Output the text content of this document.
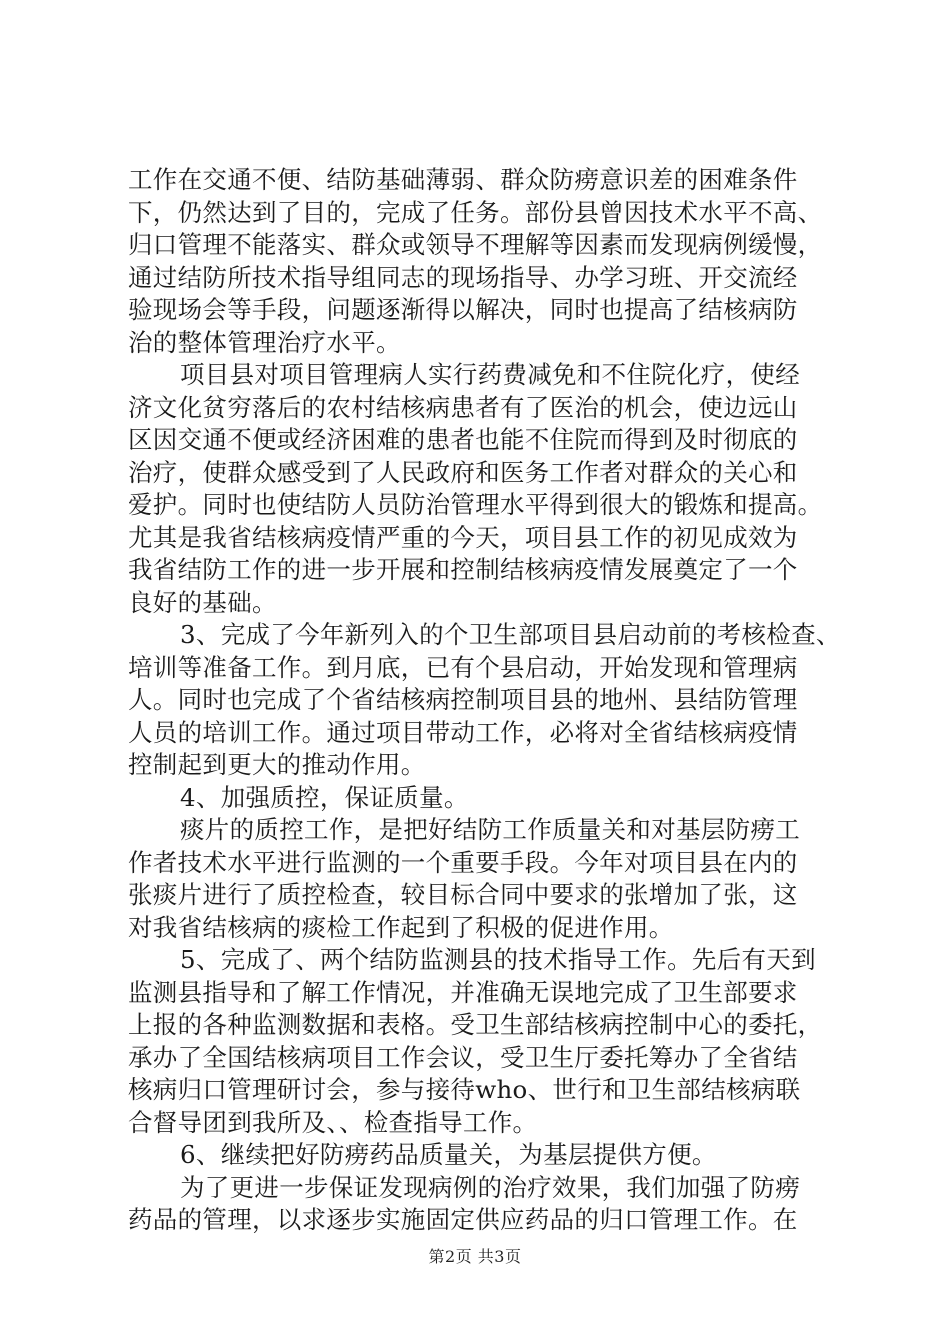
工作在交通不便、结防基础薄弱、群众防痨意识差的困难条件
下，仍然达到了目的，完成了任务。部份县曾因技术水平不高、
归口管理不能落实、群众或领导不理解等因素而发现病例缓慢，
通过结防所技术指导组同志的现场指导、办学习班、开交流经
验现场会等手段，问题逐渐得以解决，同时也提高了结核病防
治的整体管理治疗水平。
项目县对项目管理病人实行药费减免和不住院化疗，使经
济文化贫穷落后的农村结核病患者有了医治的机会，使边远山
区因交通不便或经济困难的患者也能不住院而得到及时彻底的
治疗，使群众感受到了人民政府和医务工作者对群众的关心和
爱护。同时也使结防人员防治管理水平得到很大的锻炼和提高。
尤其是我省结核病疫情严重的今天，项目县工作的初见成效为
我省结防工作的进一步开展和控制结核病疫情发展奠定了一个
良好的基础。
3、完成了今年新列入的个卫生部项目县启动前的考核检查、
培训等准备工作。到月底，已有个县启动，开始发现和管理病
人。同时也完成了个省结核病控制项目县的地州、县结防管理
人员的培训工作。通过项目带动工作，必将对全省结核病疫情
控制起到更大的推动作用。
4、加强质控，保证质量。
痰片的质控工作，是把好结防工作质量关和对基层防痨工
作者技术水平进行监测的一个重要手段。今年对项目县在内的
张痰片进行了质控检查，较目标合同中要求的张增加了张，这
对我省结核病的痰检工作起到了积极的促进作用。
5、完成了、两个结防监测县的技术指导工作。先后有天到
监测县指导和了解工作情况，并准确无误地完成了卫生部要求
上报的各种监测数据和表格。受卫生部结核病控制中心的委托，
承办了全国结核病项目工作会议，受卫生厅委托筹办了全省结
核病归口管理研讨会，参与接待who、世行和卫生部结核病联
合督导团到我所及、、检查指导工作。
6、继续把好防痨药品质量关，为基层提供方便。
为了更进一步保证发现病例的治疗效果，我们加强了防痨
药品的管理，以求逐步实施固定供应药品的归口管理工作。在
第2页 共3页
